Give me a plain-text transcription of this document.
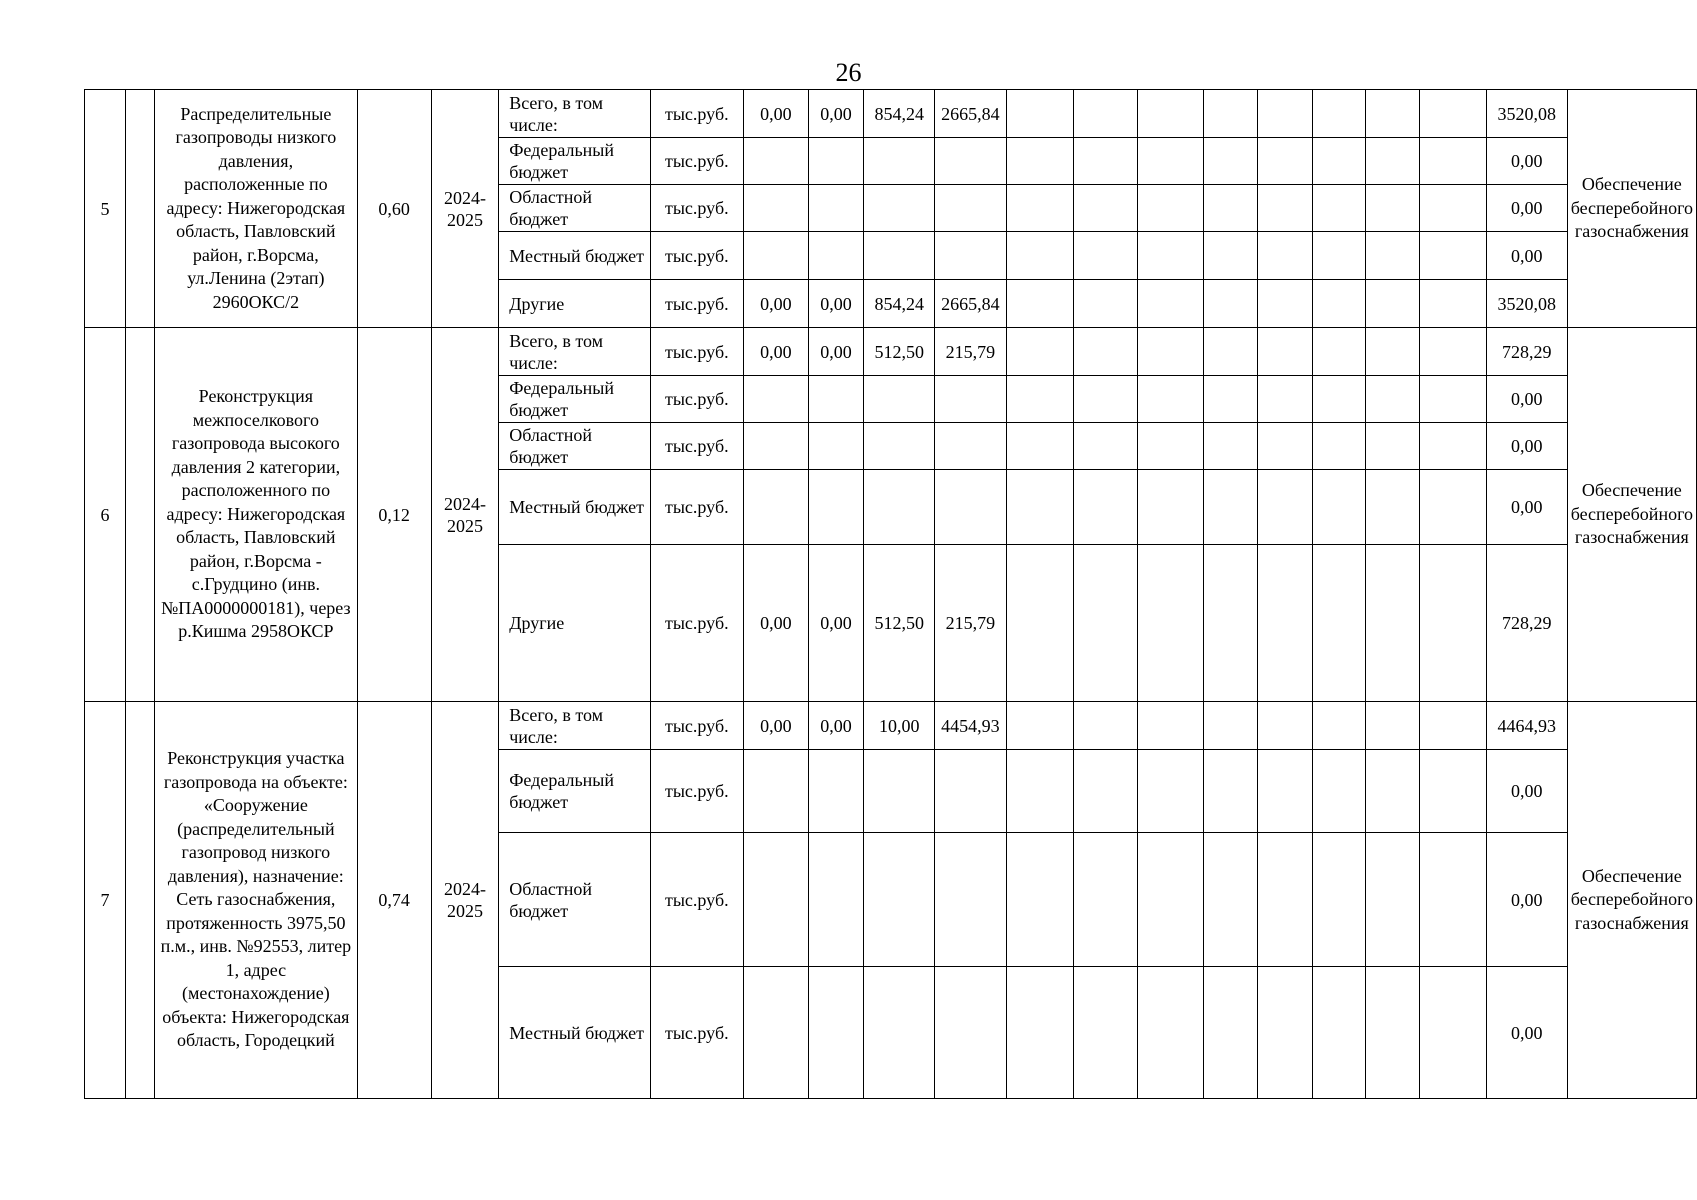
26
5		Распределительные газопроводы низкого давления, расположенные по адресу: Нижегородская область, Павловский район, г.Ворсма, ул.Ленина (2этап) 2960ОКС/2	0,60	2024-2025	Всего, в том числе:	тыс.руб.	0,00	0,00	854,24	2665,84									3520,08	Обеспечение бесперебойного газоснабжения
					Федеральный бюджет	тыс.руб.													0,00	
					Областной бюджет	тыс.руб.													0,00	
					Местный бюджет	тыс.руб.													0,00	
					Другие	тыс.руб.	0,00	0,00	854,24	2665,84									3520,08	
6		Реконструкция межпоселкового газопровода высокого давления 2 категории, расположенного по адресу: Нижегородская область, Павловский район, г.Ворсма - с.Грудцино (инв. №ПА0000000181), через р.Кишма 2958ОКСР	0,12	2024-2025	Всего, в том числе:	тыс.руб.	0,00	0,00	512,50	215,79									728,29	Обеспечение бесперебойного газоснабжения
					Федеральный бюджет	тыс.руб.													0,00	
					Областной бюджет	тыс.руб.													0,00	
					Местный бюджет	тыс.руб.													0,00	
					Другие	тыс.руб.	0,00	0,00	512,50	215,79									728,29	
7		Реконструкция участка газопровода на объекте: «Сооружение (распределительный газопровод низкого давления), назначение: Сеть газоснабжения, протяженность 3975,50 п.м., инв. №92553, литер 1, адрес (местонахождение) объекта: Нижегородская область, Городецкий	0,74	2024-2025	Всего, в том числе:	тыс.руб.	0,00	0,00	10,00	4454,93									4464,93	Обеспечение бесперебойного газоснабжения
					Федеральный бюджет	тыс.руб.													0,00	
					Областной бюджет	тыс.руб.													0,00	
					Местный бюджет	тыс.руб.													0,00	
